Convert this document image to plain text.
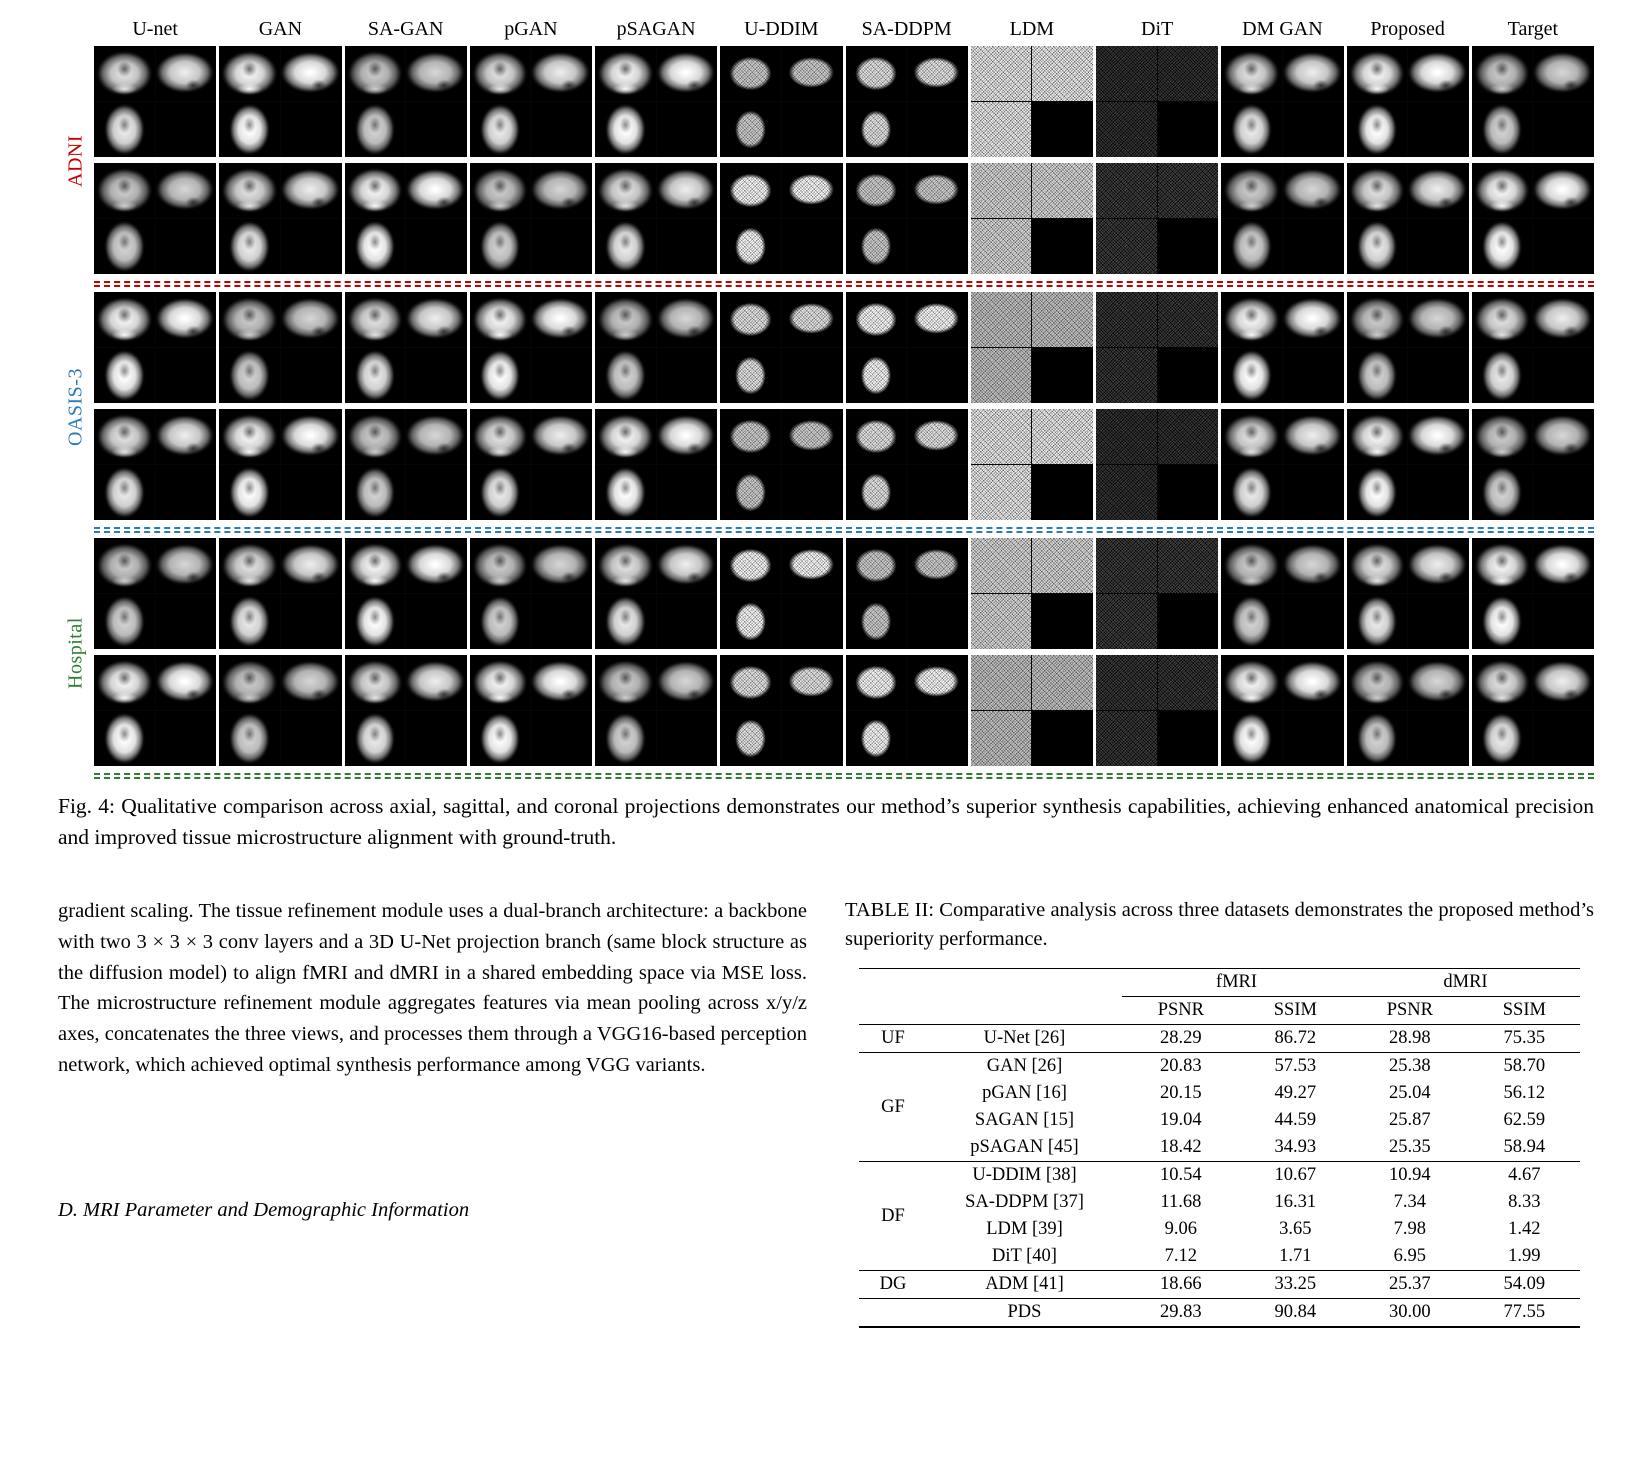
U-net	GAN	SA-GAN	pGAN	pSAGAN	U-DDIM	SA-DDPM	LDM	DiT	DM GAN	Proposed	Target
ADNI
OASIS-3
Hospital

Fig. 4: Qualitative comparison across axial, sagittal, and coronal projections demonstrates our method’s superior synthesis capabilities, achieving enhanced anatomical precision and improved tissue microstructure alignment with ground-truth.

gradient scaling. The tissue refinement module uses a dual-branch architecture: a backbone with two 3 × 3 × 3 conv layers and a 3D U-Net projection branch (same block structure as the diffusion model) to align fMRI and dMRI in a shared embedding space via MSE loss. The microstructure refinement module aggregates features via mean pooling across x/y/z axes, concatenates the three views, and processes them through a VGG16-based perception network, which achieved optimal synthesis performance among VGG variants.

D. MRI Parameter and Demographic Information

TABLE II: Comparative analysis across three datasets demonstrates the proposed method’s superiority performance.

		fMRI		dMRI	
		PSNR	SSIM	PSNR	SSIM
UF	U-Net [26]	28.29	86.72	28.98	75.35
GF	GAN [26]	20.83	57.53	25.38	58.70
	pGAN [16]	20.15	49.27	25.04	56.12
	SAGAN [15]	19.04	44.59	25.87	62.59
	pSAGAN [45]	18.42	34.93	25.35	58.94
DF	U-DDIM [38]	10.54	10.67	10.94	4.67
	SA-DDPM [37]	11.68	16.31	7.34	8.33
	LDM [39]	9.06	3.65	7.98	1.42
	DiT [40]	7.12	1.71	6.95	1.99
DG	ADM [41]	18.66	33.25	25.37	54.09
	PDS	29.83	90.84	30.00	77.55
